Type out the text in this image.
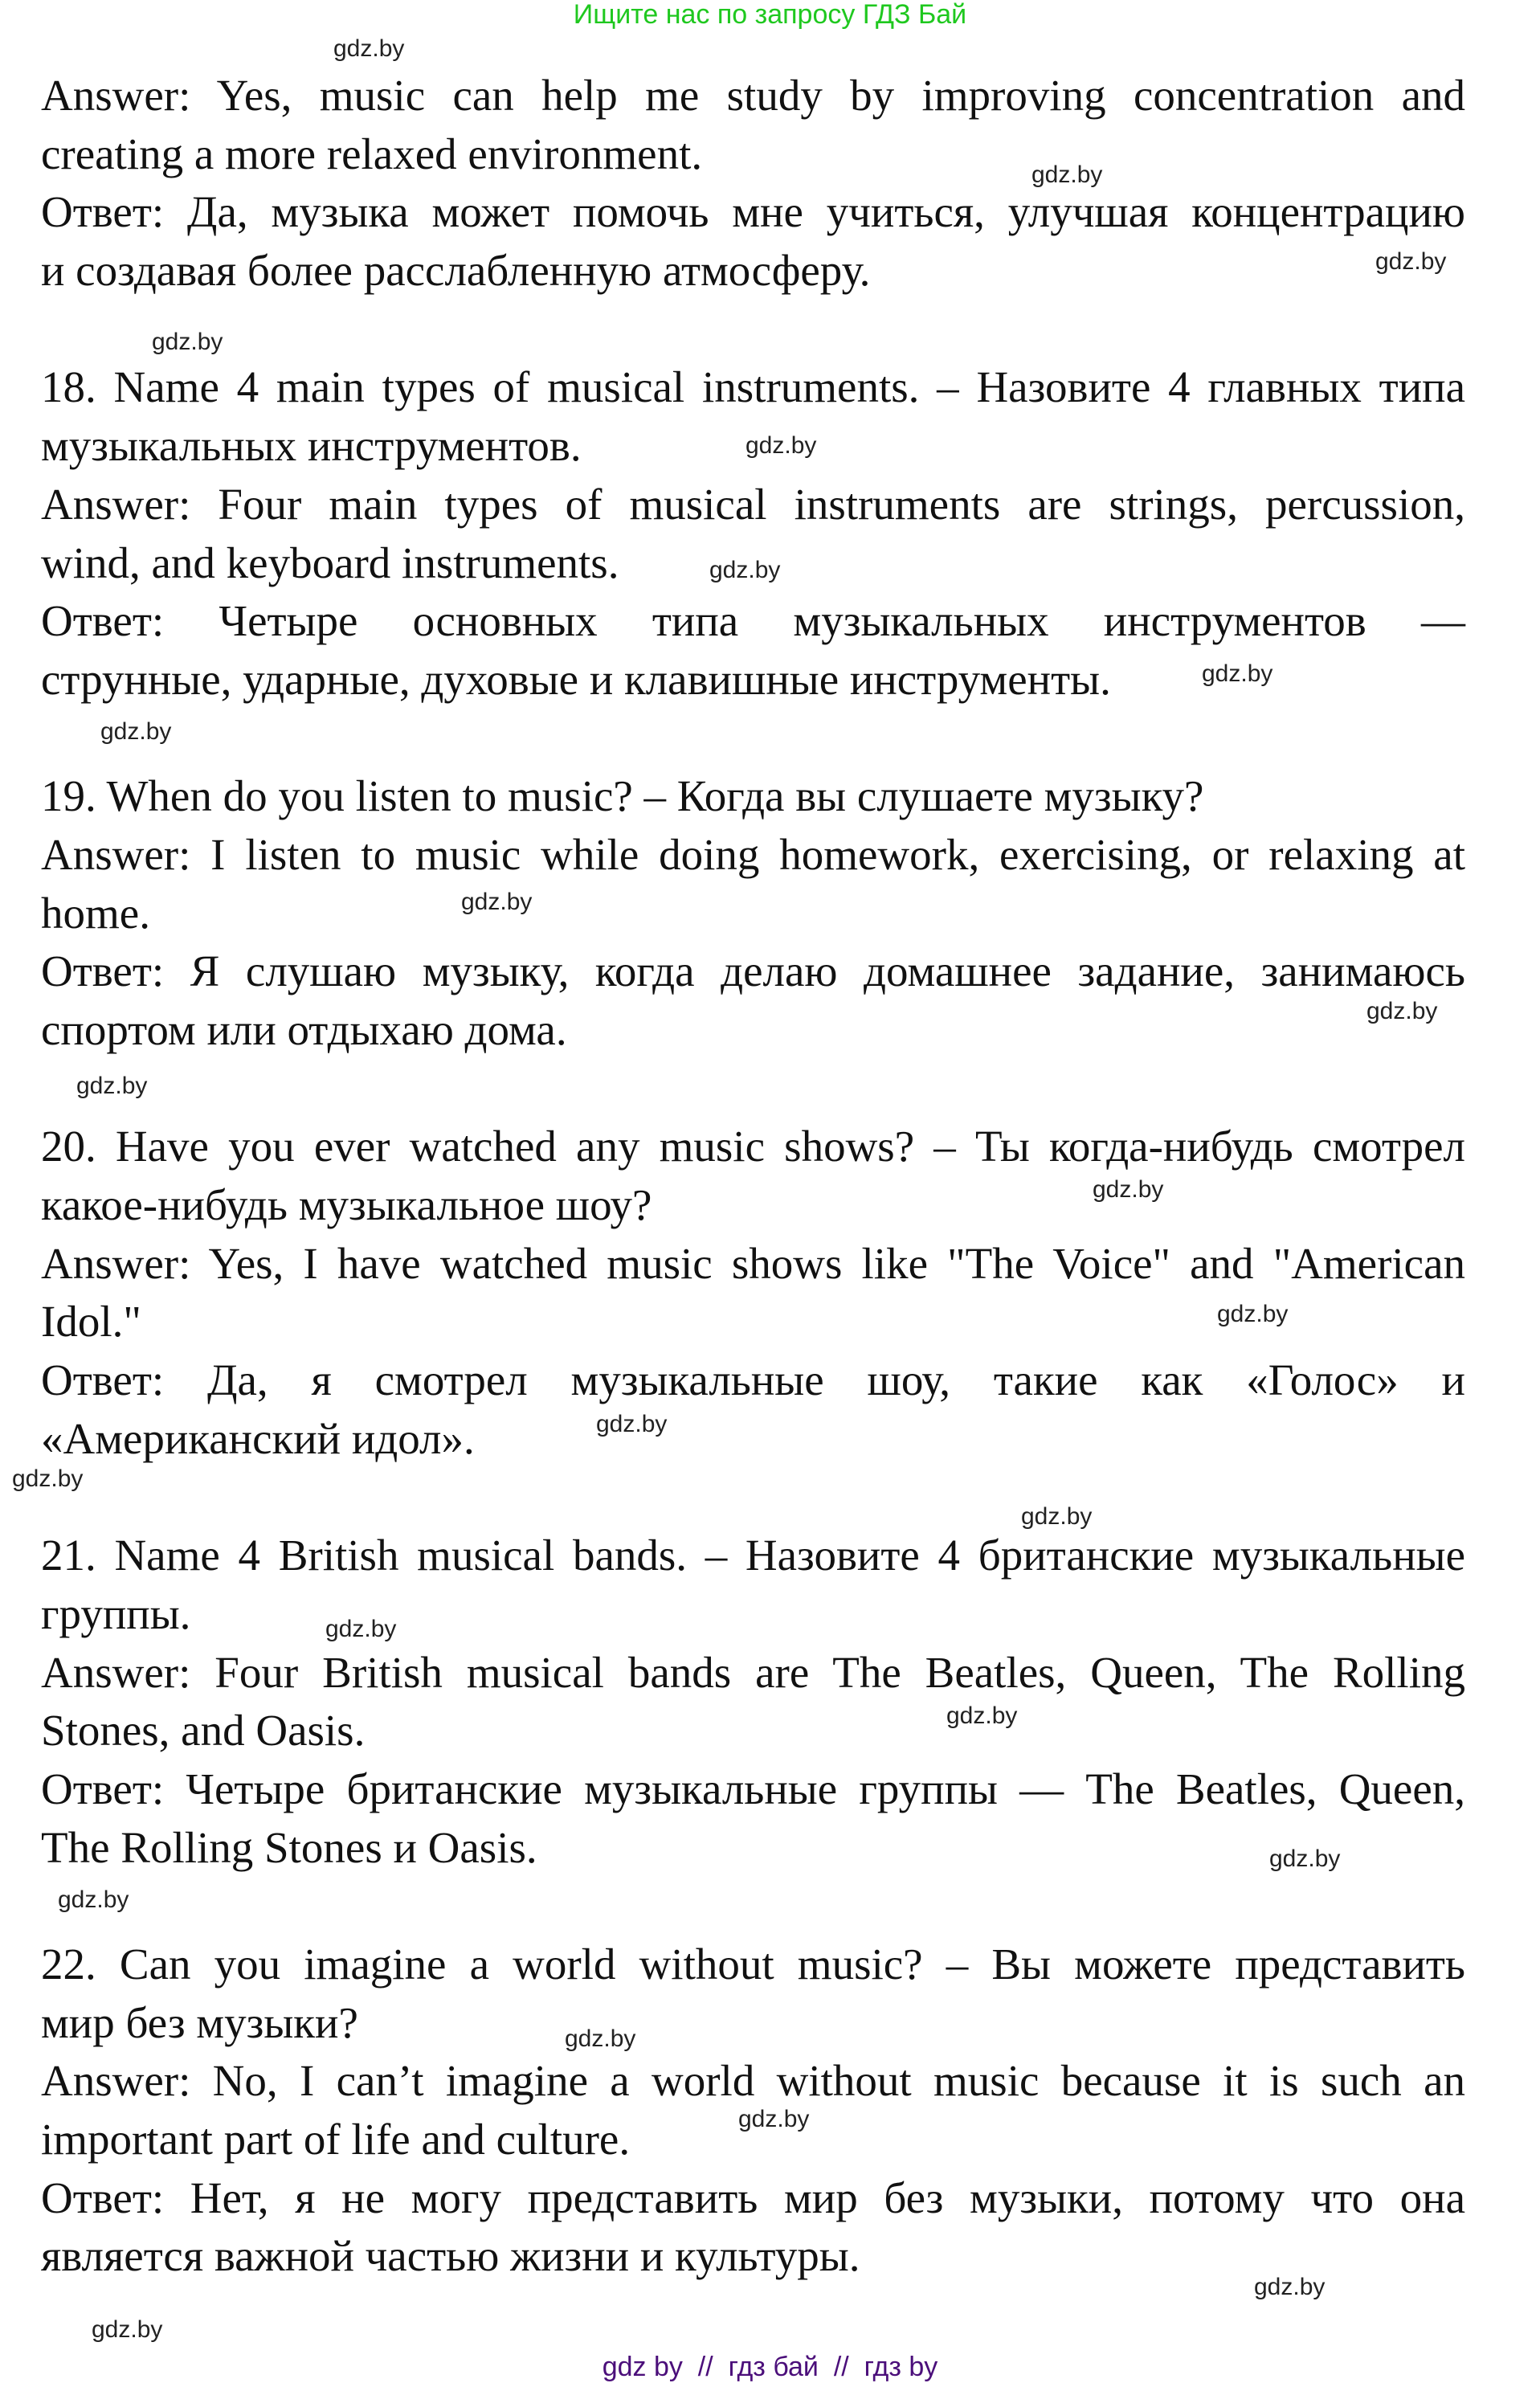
Ищите нас по запросу ГДЗ Бай
Answer: Yes, music can help me study by improving concentration and
creating a more relaxed environment.
Ответ: Да, музыка может помочь мне учиться, улучшая концентрацию
и создавая более расслабленную атмосферу.
18. Name 4 main types of musical instruments. – Назовите 4 главных типа
музыкальных инструментов.
Answer: Four main types of musical instruments are strings, percussion,
wind, and keyboard instruments.
Ответ: Четыре основных типа музыкальных инструментов —
струнные, ударные, духовые и клавишные инструменты.
19. When do you listen to music? – Когда вы слушаете музыку?
Answer: I listen to music while doing homework, exercising, or relaxing at
home.
Ответ: Я слушаю музыку, когда делаю домашнее задание, занимаюсь
спортом или отдыхаю дома.
20. Have you ever watched any music shows? – Ты когда-нибудь смотрел
какое-нибудь музыкальное шоу?
Answer: Yes, I have watched music shows like "The Voice" and "American
Idol."
Ответ: Да, я смотрел музыкальные шоу, такие как «Голос» и
«Американский идол».
21. Name 4 British musical bands. – Назовите 4 британские музыкальные
группы.
Answer: Four British musical bands are The Beatles, Queen, The Rolling
Stones, and Oasis.
Ответ: Четыре британские музыкальные группы — The Beatles, Queen,
The Rolling Stones и Oasis.
22. Can you imagine a world without music? – Вы можете представить
мир без музыки?
Answer: No, I can’t imagine a world without music because it is such an
important part of life and culture.
Ответ: Нет, я не могу представить мир без музыки, потому что она
является важной частью жизни и культуры.
gdz.by
gdz.by
gdz.by
gdz.by
gdz.by
gdz.by
gdz.by
gdz.by
gdz.by
gdz.by
gdz.by
gdz.by
gdz.by
gdz.by
gdz.by
gdz.by
gdz.by
gdz.by
gdz.by
gdz.by
gdz.by
gdz.by
gdz.by
gdz.by
gdz by  //  гдз бай  //  гдз by
